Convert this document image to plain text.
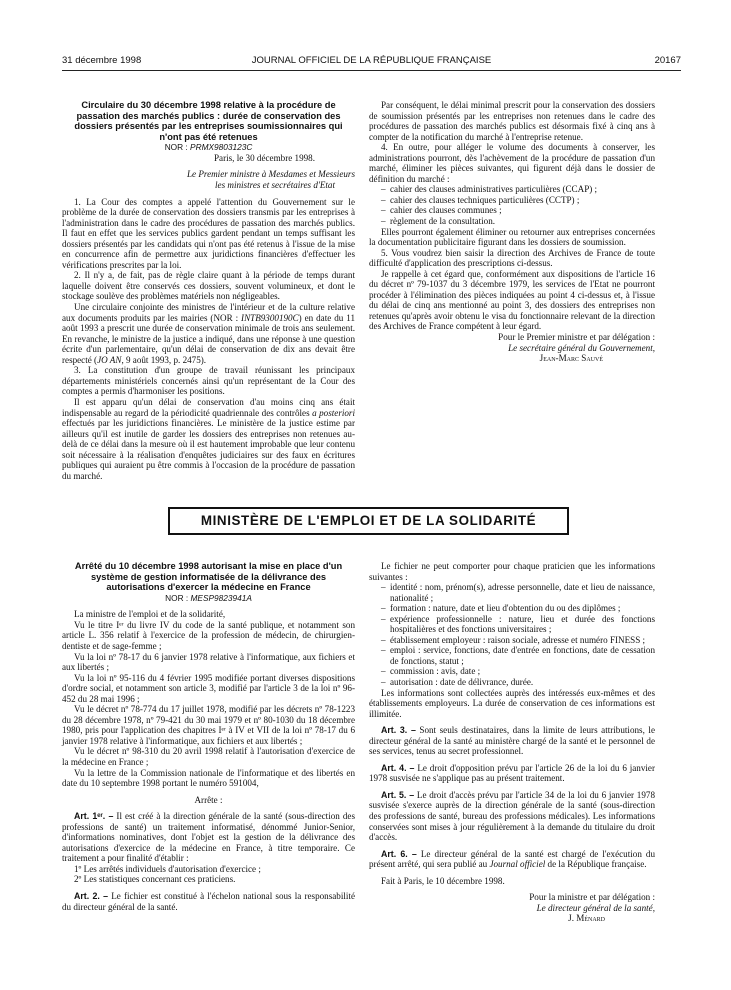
31 décembre 1998	JOURNAL OFFICIEL DE LA RÉPUBLIQUE FRANÇAISE	20167

Circulaire du 30 décembre 1998 relative à la procédure de passation des marchés publics : durée de conservation des dossiers présentés par les entreprises soumissionnaires qui n'ont pas été retenues

NOR : PRMX9803123C

Paris, le 30 décembre 1998.

Le Premier ministre à Mesdames et Messieurs

les ministres et secrétaires d'Etat

1. La Cour des comptes a appelé l'attention du Gouvernement sur le problème de la durée de conservation des dossiers transmis par les entreprises à l'administration dans le cadre des procédures de passation des marchés publics. Il faut en effet que les services publics gardent pendant un temps suffisant les dossiers présentés par les candidats qui n'ont pas été retenus à l'issue de la mise en concurrence afin de permettre aux juridictions financières d'effectuer les vérifications prescrites par la loi.

2. Il n'y a, de fait, pas de règle claire quant à la période de temps durant laquelle doivent être conservés ces dossiers, souvent volumineux, et dont le stockage soulève des problèmes matériels non négligeables.

Une circulaire conjointe des ministres de l'intérieur et de la culture relative aux documents produits par les mairies (NOR : INTB9300190C) en date du 11 août 1993 a prescrit une durée de conservation minimale de trois ans seulement. En revanche, le ministre de la justice a indiqué, dans une réponse à une question écrite d'un parlementaire, qu'un délai de conservation de dix ans devait être respecté (JO AN, 9 août 1993, p. 2475).

3. La constitution d'un groupe de travail réunissant les principaux départements ministériels concernés ainsi qu'un représentant de la Cour des comptes a permis d'harmoniser les positions.

Il est apparu qu'un délai de conservation d'au moins cinq ans était indispensable au regard de la périodicité quadriennale des contrôles a posteriori effectués par les juridictions financières. Le ministère de la justice estime par ailleurs qu'il est inutile de garder les dossiers des entreprises non retenues au-delà de ce délai dans la mesure où il est hautement improbable que leur contenu soit nécessaire à la réalisation d'enquêtes judiciaires sur des faux en écritures publiques qui auraient pu être commis à l'occasion de la procédure de passation du marché.

Par conséquent, le délai minimal prescrit pour la conservation des dossiers de soumission présentés par les entreprises non retenues dans le cadre des procédures de passation des marchés publics est désormais fixé à cinq ans à compter de la notification du marché à l'entreprise retenue.

4. En outre, pour alléger le volume des documents à conserver, les administrations pourront, dès l'achèvement de la procédure de passation d'un marché, éliminer les pièces suivantes, qui figurent déjà dans le dossier de définition du marché :

– cahier des clauses administratives particulières (CCAP) ;
– cahier des clauses techniques particulières (CCTP) ;
– cahier des clauses communes ;
– règlement de la consultation.

Elles pourront également éliminer ou retourner aux entreprises concernées la documentation publicitaire figurant dans les dossiers de soumission.

5. Vous voudrez bien saisir la direction des Archives de France de toute difficulté d'application des prescriptions ci-dessus.

Je rappelle à cet égard que, conformément aux dispositions de l'article 16 du décret nº 79-1037 du 3 décembre 1979, les services de l'Etat ne pourront procéder à l'élimination des pièces indiquées au point 4 ci-dessus et, à l'issue du délai de cinq ans mentionné au point 3, des dossiers des entreprises non retenues qu'après avoir obtenu le visa du fonctionnaire relevant de la direction des Archives de France compétent à leur égard.

Pour le Premier ministre et par délégation :

Le secrétaire général du Gouvernement,

Jean-Marc Sauvé

MINISTÈRE DE L'EMPLOI ET DE LA SOLIDARITÉ

Arrêté du 10 décembre 1998 autorisant la mise en place d'un système de gestion informatisée de la délivrance des autorisations d'exercer la médecine en France

NOR : MESP9823941A

La ministre de l'emploi et de la solidarité,

Vu le titre Iᵉʳ du livre IV du code de la santé publique, et notamment son article L. 356 relatif à l'exercice de la profession de médecin, de chirurgien-dentiste et de sage-femme ;

Vu la loi nº 78-17 du 6 janvier 1978 relative à l'informatique, aux fichiers et aux libertés ;

Vu la loi nº 95-116 du 4 février 1995 modifiée portant diverses dispositions d'ordre social, et notamment son article 3, modifié par l'article 3 de la loi nº 96-452 du 28 mai 1996 ;

Vu le décret nº 78-774 du 17 juillet 1978, modifié par les décrets nº 78-1223 du 28 décembre 1978, nº 79-421 du 30 mai 1979 et nº 80-1030 du 18 décembre 1980, pris pour l'application des chapitres Iᵉʳ à IV et VII de la loi nº 78-17 du 6 janvier 1978 relative à l'informatique, aux fichiers et aux libertés ;

Vu le décret nº 98-310 du 20 avril 1998 relatif à l'autorisation d'exercice de la médecine en France ;

Vu la lettre de la Commission nationale de l'informatique et des libertés en date du 10 septembre 1998 portant le numéro 591004,

Arrête :

Art. 1ᵉʳ. – Il est créé à la direction générale de la santé (sous-direction des professions de santé) un traitement informatisé, dénommé Junior-Senior, d'informations nominatives, dont l'objet est la gestion de la délivrance des autorisations d'exercice de la médecine en France, à titre temporaire. Ce traitement a pour finalité d'établir :

1º Les arrêtés individuels d'autorisation d'exercice ;

2º Les statistiques concernant ces praticiens.

Art. 2. – Le fichier est constitué à l'échelon national sous la responsabilité du directeur général de la santé.

Le fichier ne peut comporter pour chaque praticien que les informations suivantes :

– identité : nom, prénom(s), adresse personnelle, date et lieu de naissance, nationalité ;
– formation : nature, date et lieu d'obtention du ou des diplômes ;
– expérience professionnelle : nature, lieu et durée des fonctions hospitalières et des fonctions universitaires ;
– établissement employeur : raison sociale, adresse et numéro FINESS ;
– emploi : service, fonctions, date d'entrée en fonctions, date de cessation de fonctions, statut ;
– commission : avis, date ;
– autorisation : date de délivrance, durée.

Les informations sont collectées auprès des intéressés eux-mêmes et des établissements employeurs. La durée de conservation de ces informations est illimitée.

Art. 3. – Sont seuls destinataires, dans la limite de leurs attributions, le directeur général de la santé au ministère chargé de la santé et le personnel de ses services, tenus au secret professionnel.

Art. 4. – Le droit d'opposition prévu par l'article 26 de la loi du 6 janvier 1978 susvisée ne s'applique pas au présent traitement.

Art. 5. – Le droit d'accès prévu par l'article 34 de la loi du 6 janvier 1978 susvisée s'exerce auprès de la direction générale de la santé (sous-direction des professions de santé, bureau des professions médicales). Les informations conservées sont mises à jour régulièrement à la demande du titulaire du droit d'accès.

Art. 6. – Le directeur général de la santé est chargé de l'exécution du présent arrêté, qui sera publié au Journal officiel de la République française.

Fait à Paris, le 10 décembre 1998.

Pour la ministre et par délégation :

Le directeur général de la santé,

J. Ménard
